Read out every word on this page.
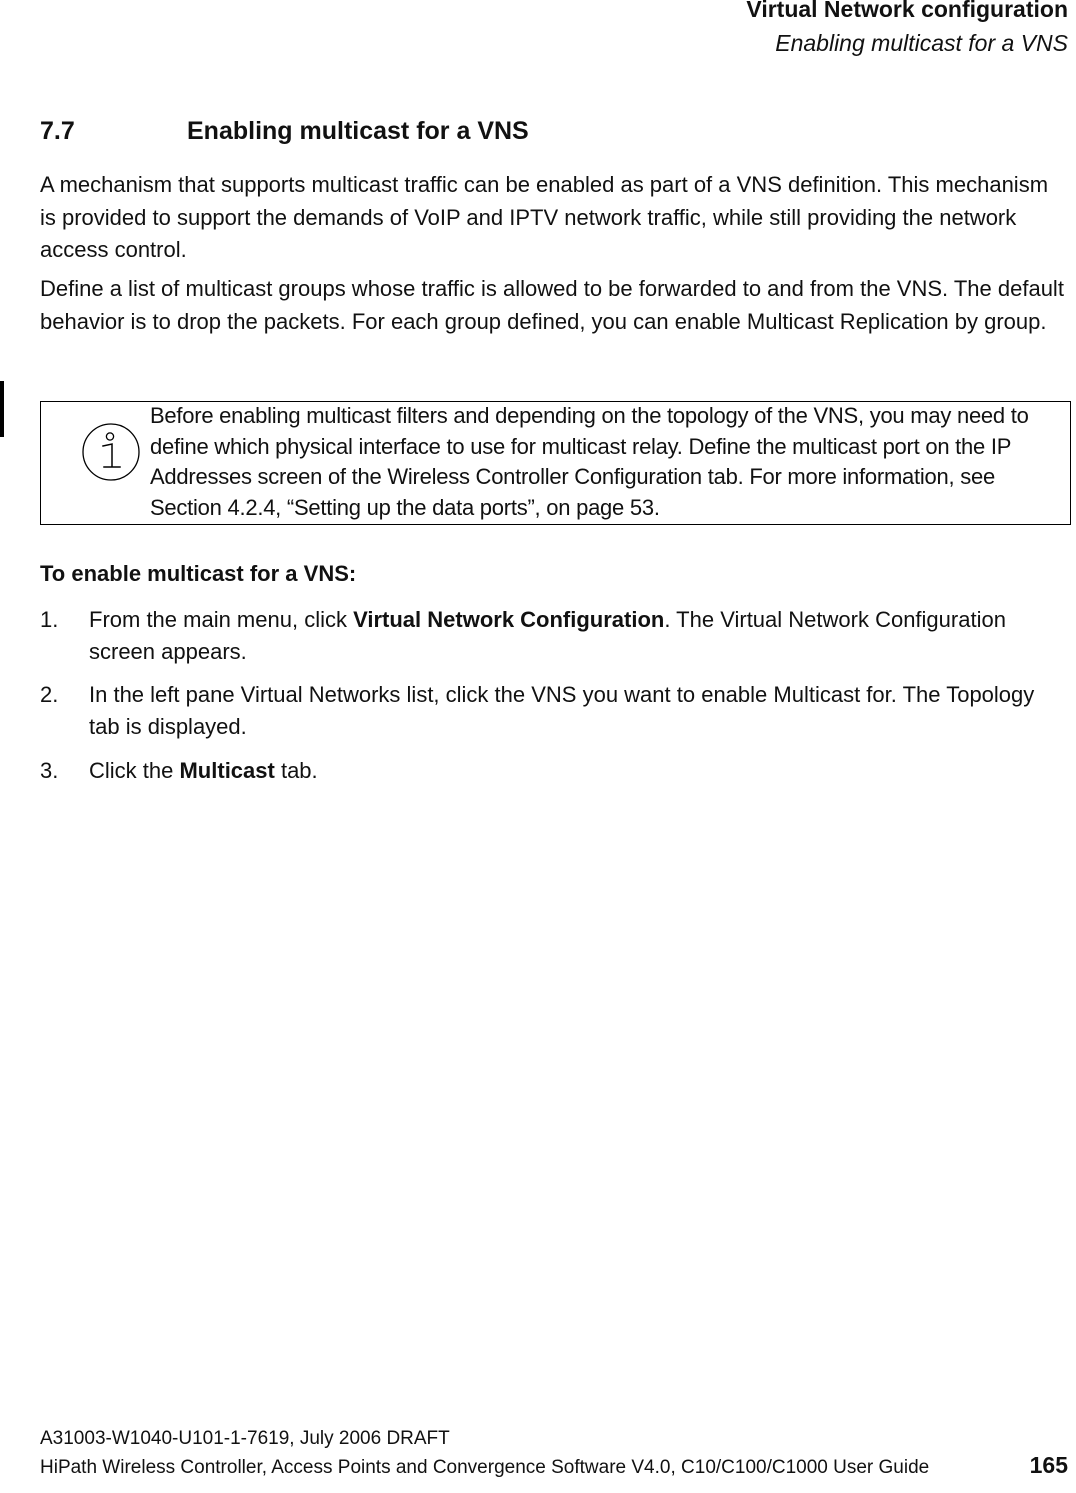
Virtual Network configuration
Enabling multicast for a VNS
7.7	Enabling multicast for a VNS

A mechanism that supports multicast traffic can be enabled as part of a VNS definition. This mechanism is provided to support the demands of VoIP and IPTV network traffic, while still providing the network access control.

Define a list of multicast groups whose traffic is allowed to be forwarded to and from the VNS. The default behavior is to drop the packets. For each group defined, you can enable Multicast Replication by group.

Before enabling multicast filters and depending on the topology of the VNS, you may need to define which physical interface to use for multicast relay. Define the multicast port on the IP Addresses screen of the Wireless Controller Configuration tab. For more information, see Section 4.2.4, “Setting up the data ports”, on page 53.

To enable multicast for a VNS:

1. From the main menu, click Virtual Network Configuration. The Virtual Network Configuration screen appears.
2. In the left pane Virtual Networks list, click the VNS you want to enable Multicast for. The Topology tab is displayed.
3. Click the Multicast tab.
A31003-W1040-U101-1-7619, July 2006 DRAFT
HiPath Wireless Controller, Access Points and Convergence Software V4.0, C10/C100/C1000 User Guide	165
